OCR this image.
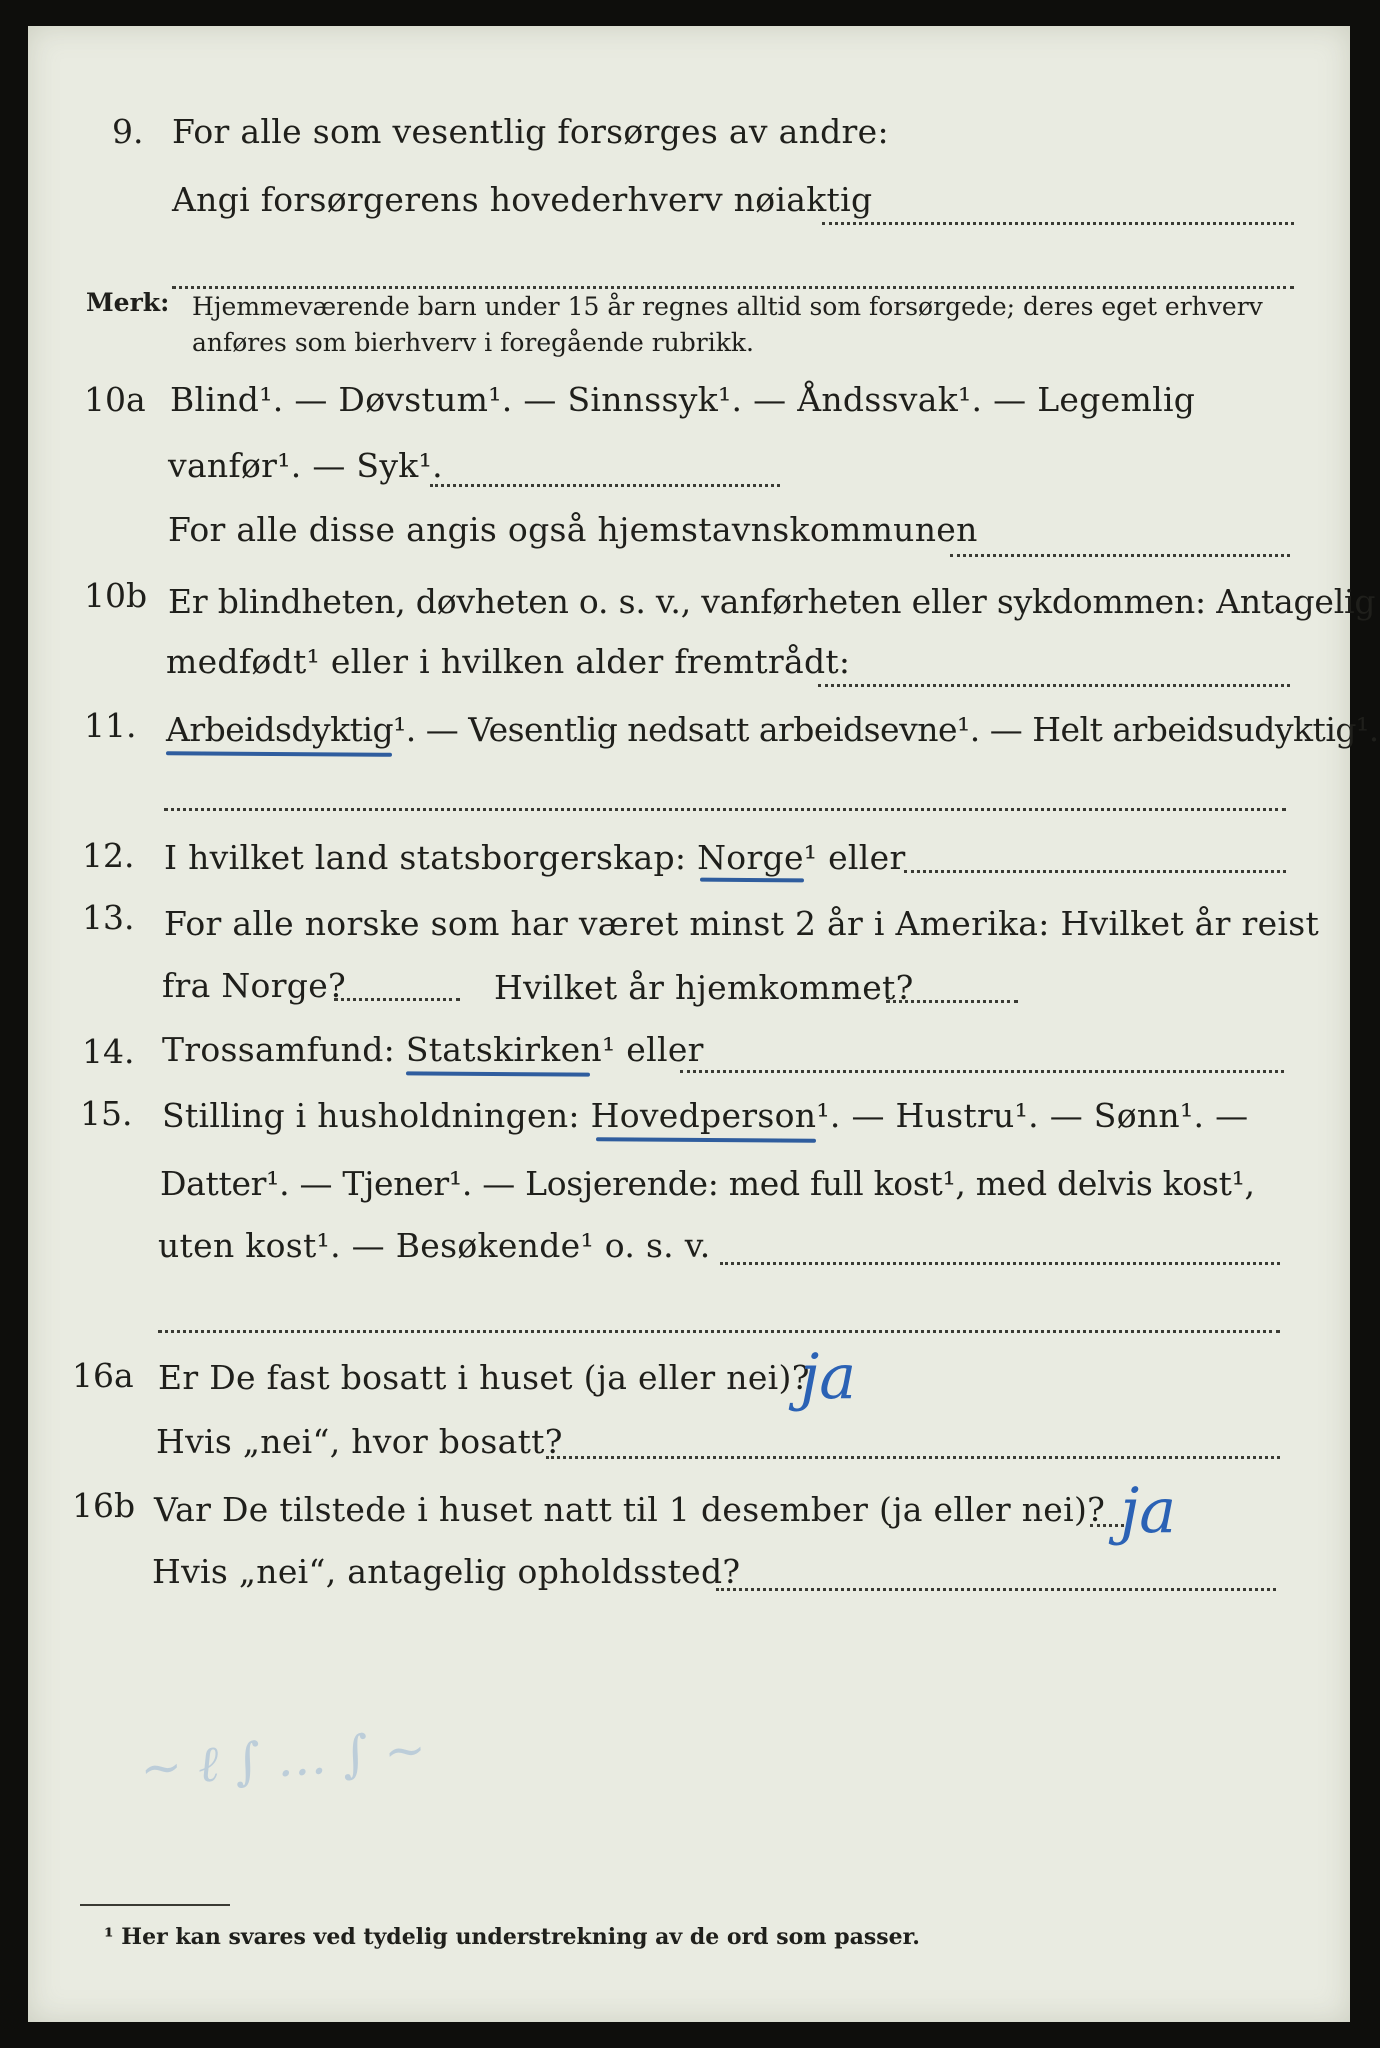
9. For alle som vesentlig forsørges av andre:
Angi forsørgerens hovederhverv nøiaktig
Merk: Hjemmeværende barn under 15 år regnes alltid som forsørgede; deres eget erhverv
anføres som bierhverv i foregående rubrikk.
10a Blind¹. — Døvstum¹. — Sinnssyk¹. — Åndssvak¹. — Legemlig
vanfør¹. — Syk¹.
For alle disse angis også hjemstavnskommunen
10b Er blindheten, døvheten o. s. v., vanførheten eller sykdommen: Antagelig
medfødt¹ eller i hvilken alder fremtrådt:
11. Arbeidsdyktig¹. — Vesentlig nedsatt arbeidsevne¹. — Helt arbeidsudyktig¹.
12. I hvilket land statsborgerskap: Norge¹ eller
13. For alle norske som har været minst 2 år i Amerika: Hvilket år reist
fra Norge?	Hvilket år hjemkommet?
14. Trossamfund: Statskirken¹ eller
15. Stilling i husholdningen: Hovedperson¹. — Hustru¹. — Sønn¹. —
Datter¹. — Tjener¹. — Losjerende: med full kost¹, med delvis kost¹,
uten kost¹. — Besøkende¹ o. s. v.
16a Er De fast bosatt i huset (ja eller nei)?
ja
Hvis „nei“, hvor bosatt?
16b Var De tilstede i huset natt til 1 desember (ja eller nei)? ja
Hvis „nei“, antagelig opholdssted?
~ ℓ ∫ … ∫ ~
¹ Her kan svares ved tydelig understrekning av de ord som passer.
